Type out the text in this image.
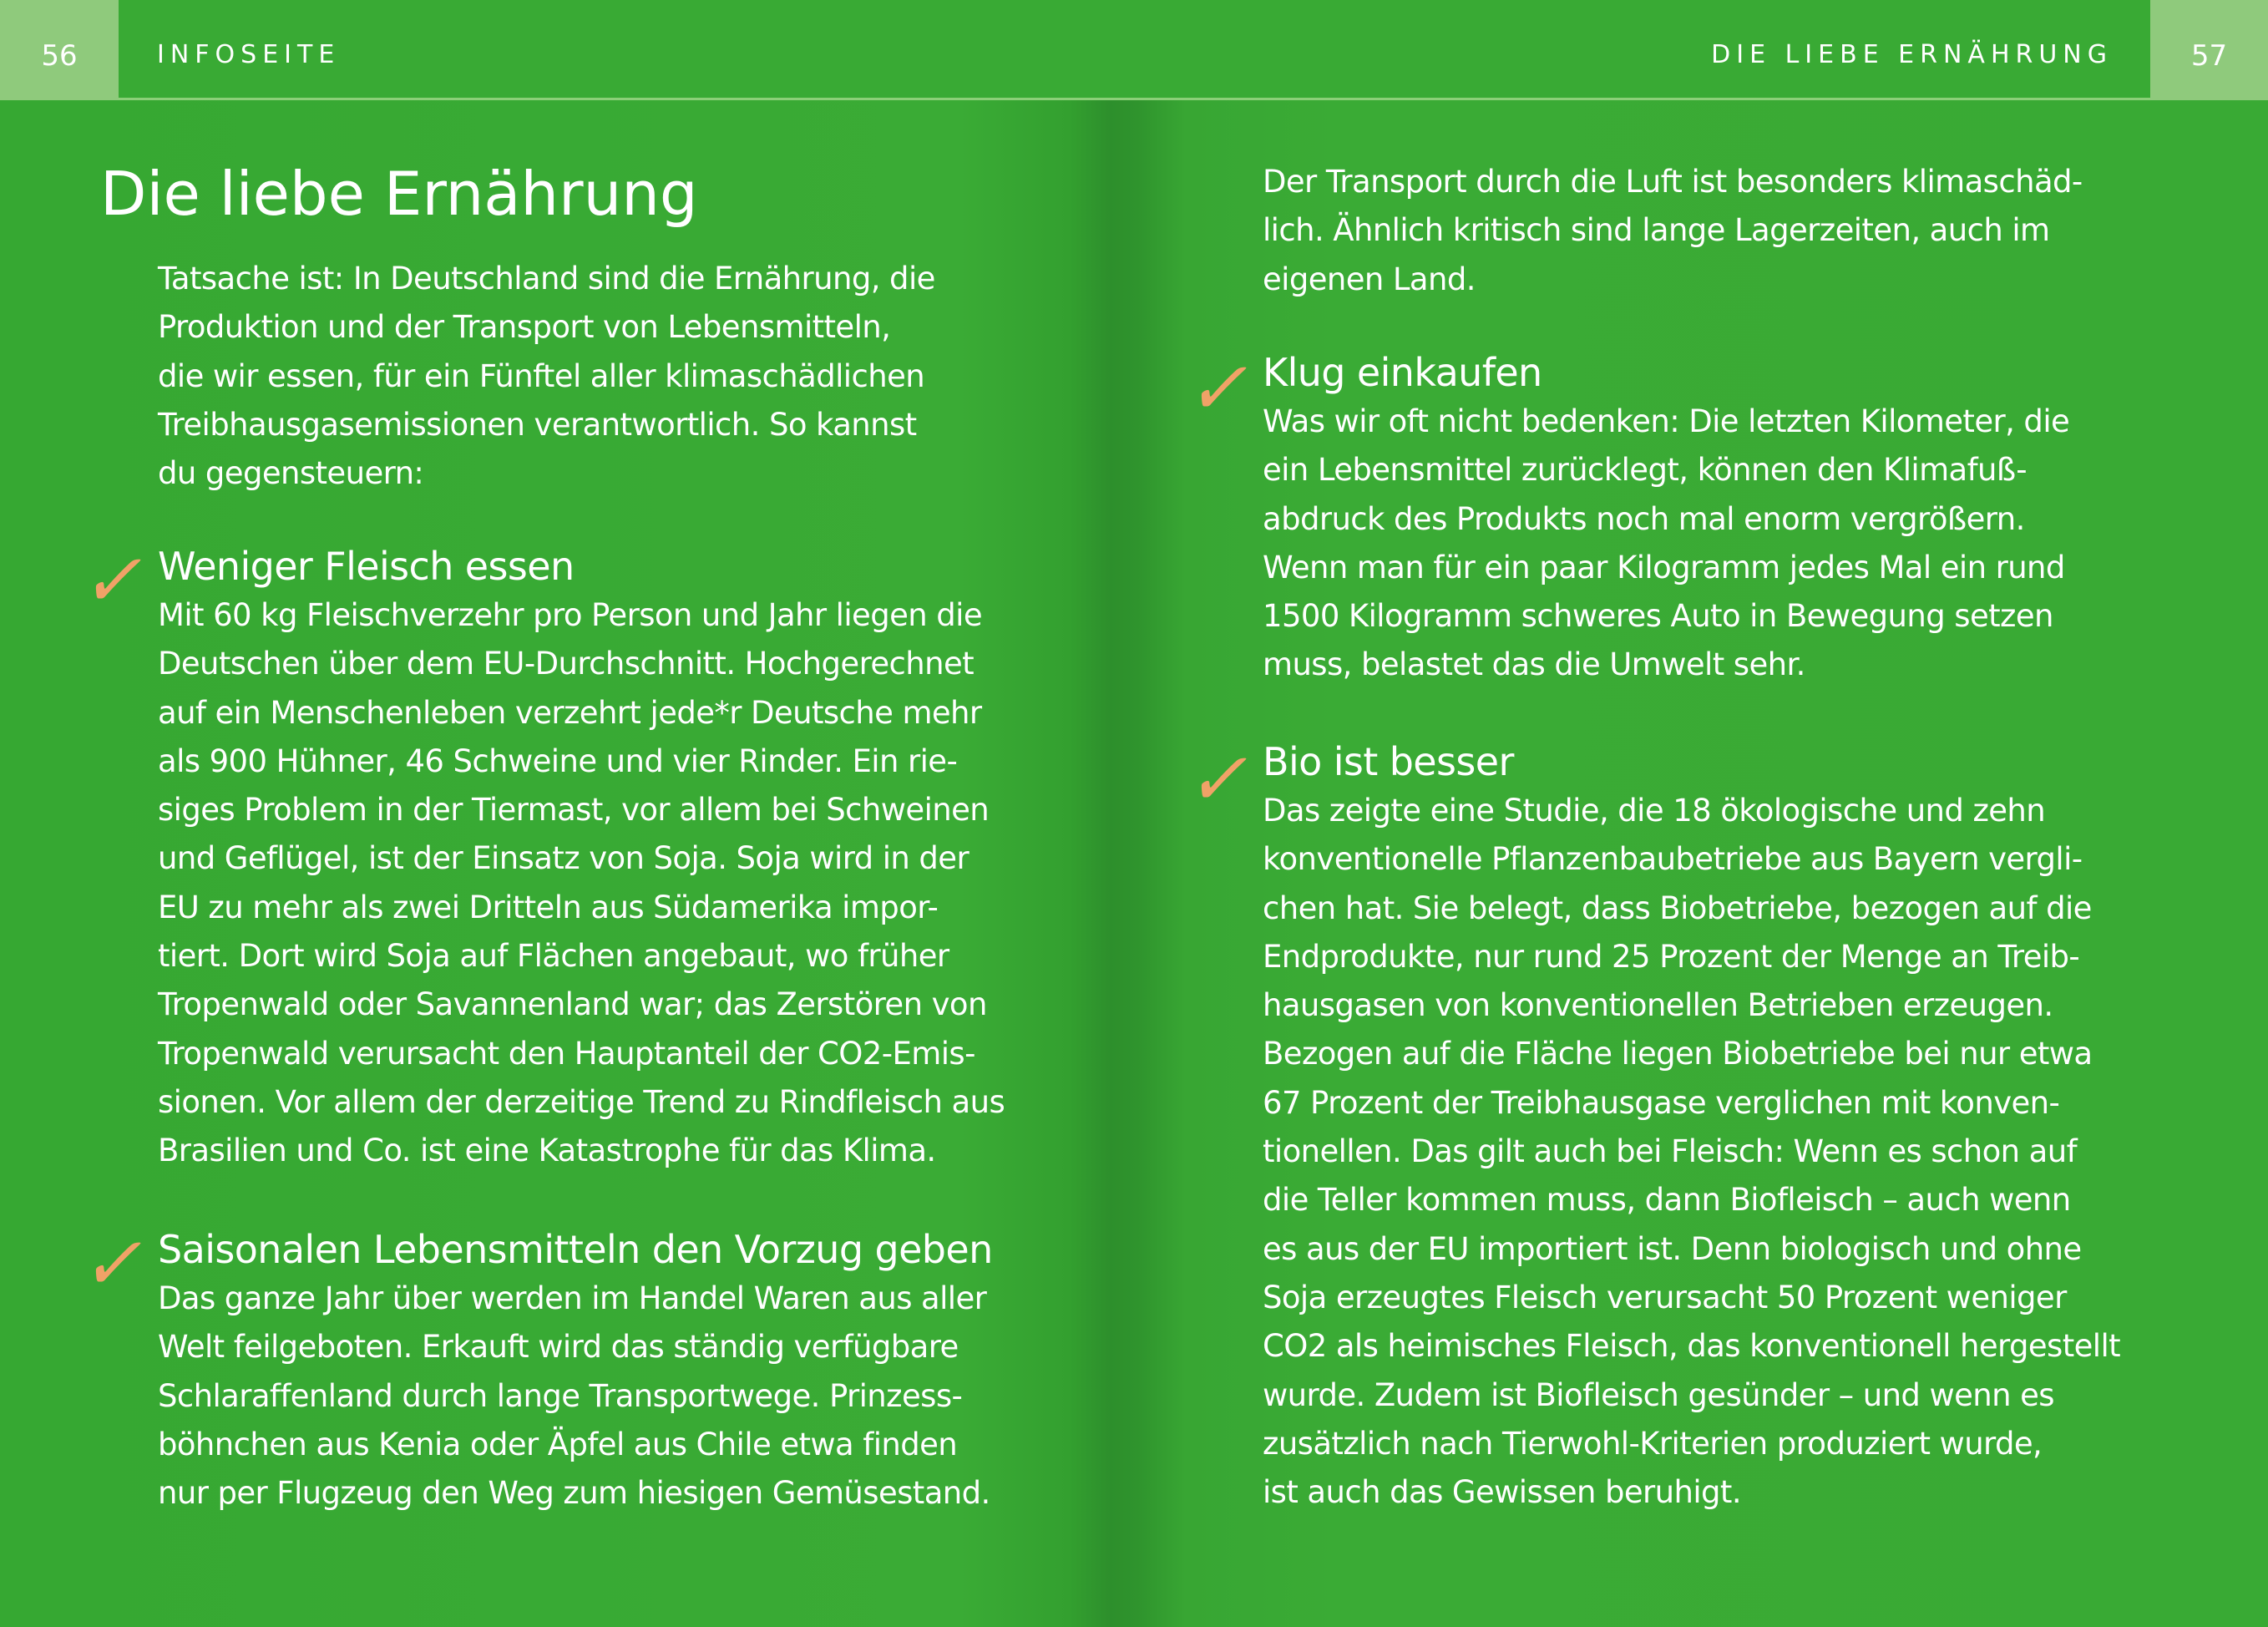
56	57
INFOSEITE	DIE LIEBE ERNÄHRUNG
Die liebe Ernährung

Tatsache ist: In Deutschland sind die Ernährung, die
Produktion und der Transport von Lebensmitteln,
die wir essen, für ein Fünftel aller klimaschädlichen
Treibhausgasemissionen verantwortlich. So kannst
du gegensteuern:

✓ Weniger Fleisch essen

Mit 60 kg Fleischverzehr pro Person und Jahr liegen die
Deutschen über dem EU-Durchschnitt. Hochgerechnet
auf ein Menschenleben verzehrt jede*r Deutsche mehr
als 900 Hühner, 46 Schweine und vier Rinder. Ein rie-
siges Problem in der Tiermast, vor allem bei Schweinen
und Geflügel, ist der Einsatz von Soja. Soja wird in der
EU zu mehr als zwei Dritteln aus Südamerika impor-
tiert. Dort wird Soja auf Flächen angebaut, wo früher
Tropenwald oder Savannenland war; das Zerstören von
Tropenwald verursacht den Hauptanteil der CO2-Emis-
sionen. Vor allem der derzeitige Trend zu Rindfleisch aus
Brasilien und Co. ist eine Katastrophe für das Klima.

✓ Saisonalen Lebensmitteln den Vorzug geben

Das ganze Jahr über werden im Handel Waren aus aller
Welt feilgeboten. Erkauft wird das ständig verfügbare
Schlaraffenland durch lange Transportwege. Prinzess-
böhnchen aus Kenia oder Äpfel aus Chile etwa finden
nur per Flugzeug den Weg zum hiesigen Gemüsestand.

Der Transport durch die Luft ist besonders klimaschäd-
lich. Ähnlich kritisch sind lange Lagerzeiten, auch im
eigenen Land.

✓ Klug einkaufen

Was wir oft nicht bedenken: Die letzten Kilometer, die
ein Lebensmittel zurücklegt, können den Klimafuß-
abdruck des Produkts noch mal enorm vergrößern.
Wenn man für ein paar Kilogramm jedes Mal ein rund
1500 Kilogramm schweres Auto in Bewegung setzen
muss, belastet das die Umwelt sehr.

✓ Bio ist besser

Das zeigte eine Studie, die 18 ökologische und zehn
konventionelle Pflanzenbaubetriebe aus Bayern vergli-
chen hat. Sie belegt, dass Biobetriebe, bezogen auf die
Endprodukte, nur rund 25 Prozent der Menge an Treib-
hausgasen von konventionellen Betrieben erzeugen.
Bezogen auf die Fläche liegen Biobetriebe bei nur etwa
67 Prozent der Treibhausgase verglichen mit konven-
tionellen. Das gilt auch bei Fleisch: Wenn es schon auf
die Teller kommen muss, dann Biofleisch – auch wenn
es aus der EU importiert ist. Denn biologisch und ohne
Soja erzeugtes Fleisch verursacht 50 Prozent weniger
CO2 als heimisches Fleisch, das konventionell hergestellt
wurde. Zudem ist Biofleisch gesünder – und wenn es
zusätzlich nach Tierwohl-Kriterien produziert wurde,
ist auch das Gewissen beruhigt.
